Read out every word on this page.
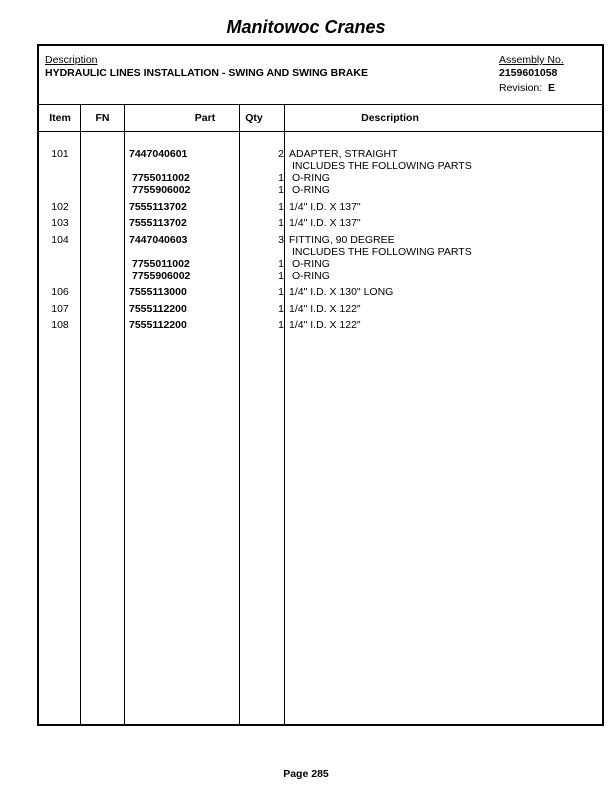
Manitowoc Cranes
Description
HYDRAULIC LINES INSTALLATION - SWING AND SWING BRAKE
Assembly No.
2159601058
Revision: E
Item	FN	Part	Qty	Description
101	7447040601	2 ADAPTER, STRAIGHT
INCLUDES THE FOLLOWING PARTS
7755011002	1 O-RING
7755906002	1 O-RING
102	7555113702	1 1/4" I.D. X 137"
103	7555113702	1 1/4" I.D. X 137"
104	7447040603	3 FITTING, 90 DEGREE
INCLUDES THE FOLLOWING PARTS
7755011002	1 O-RING
7755906002	1 O-RING
106	7555113000	1 1/4" I.D. X 130" LONG
107	7555112200	1 1/4" I.D. X 122"
108	7555112200	1 1/4" I.D. X 122"
Page 285
